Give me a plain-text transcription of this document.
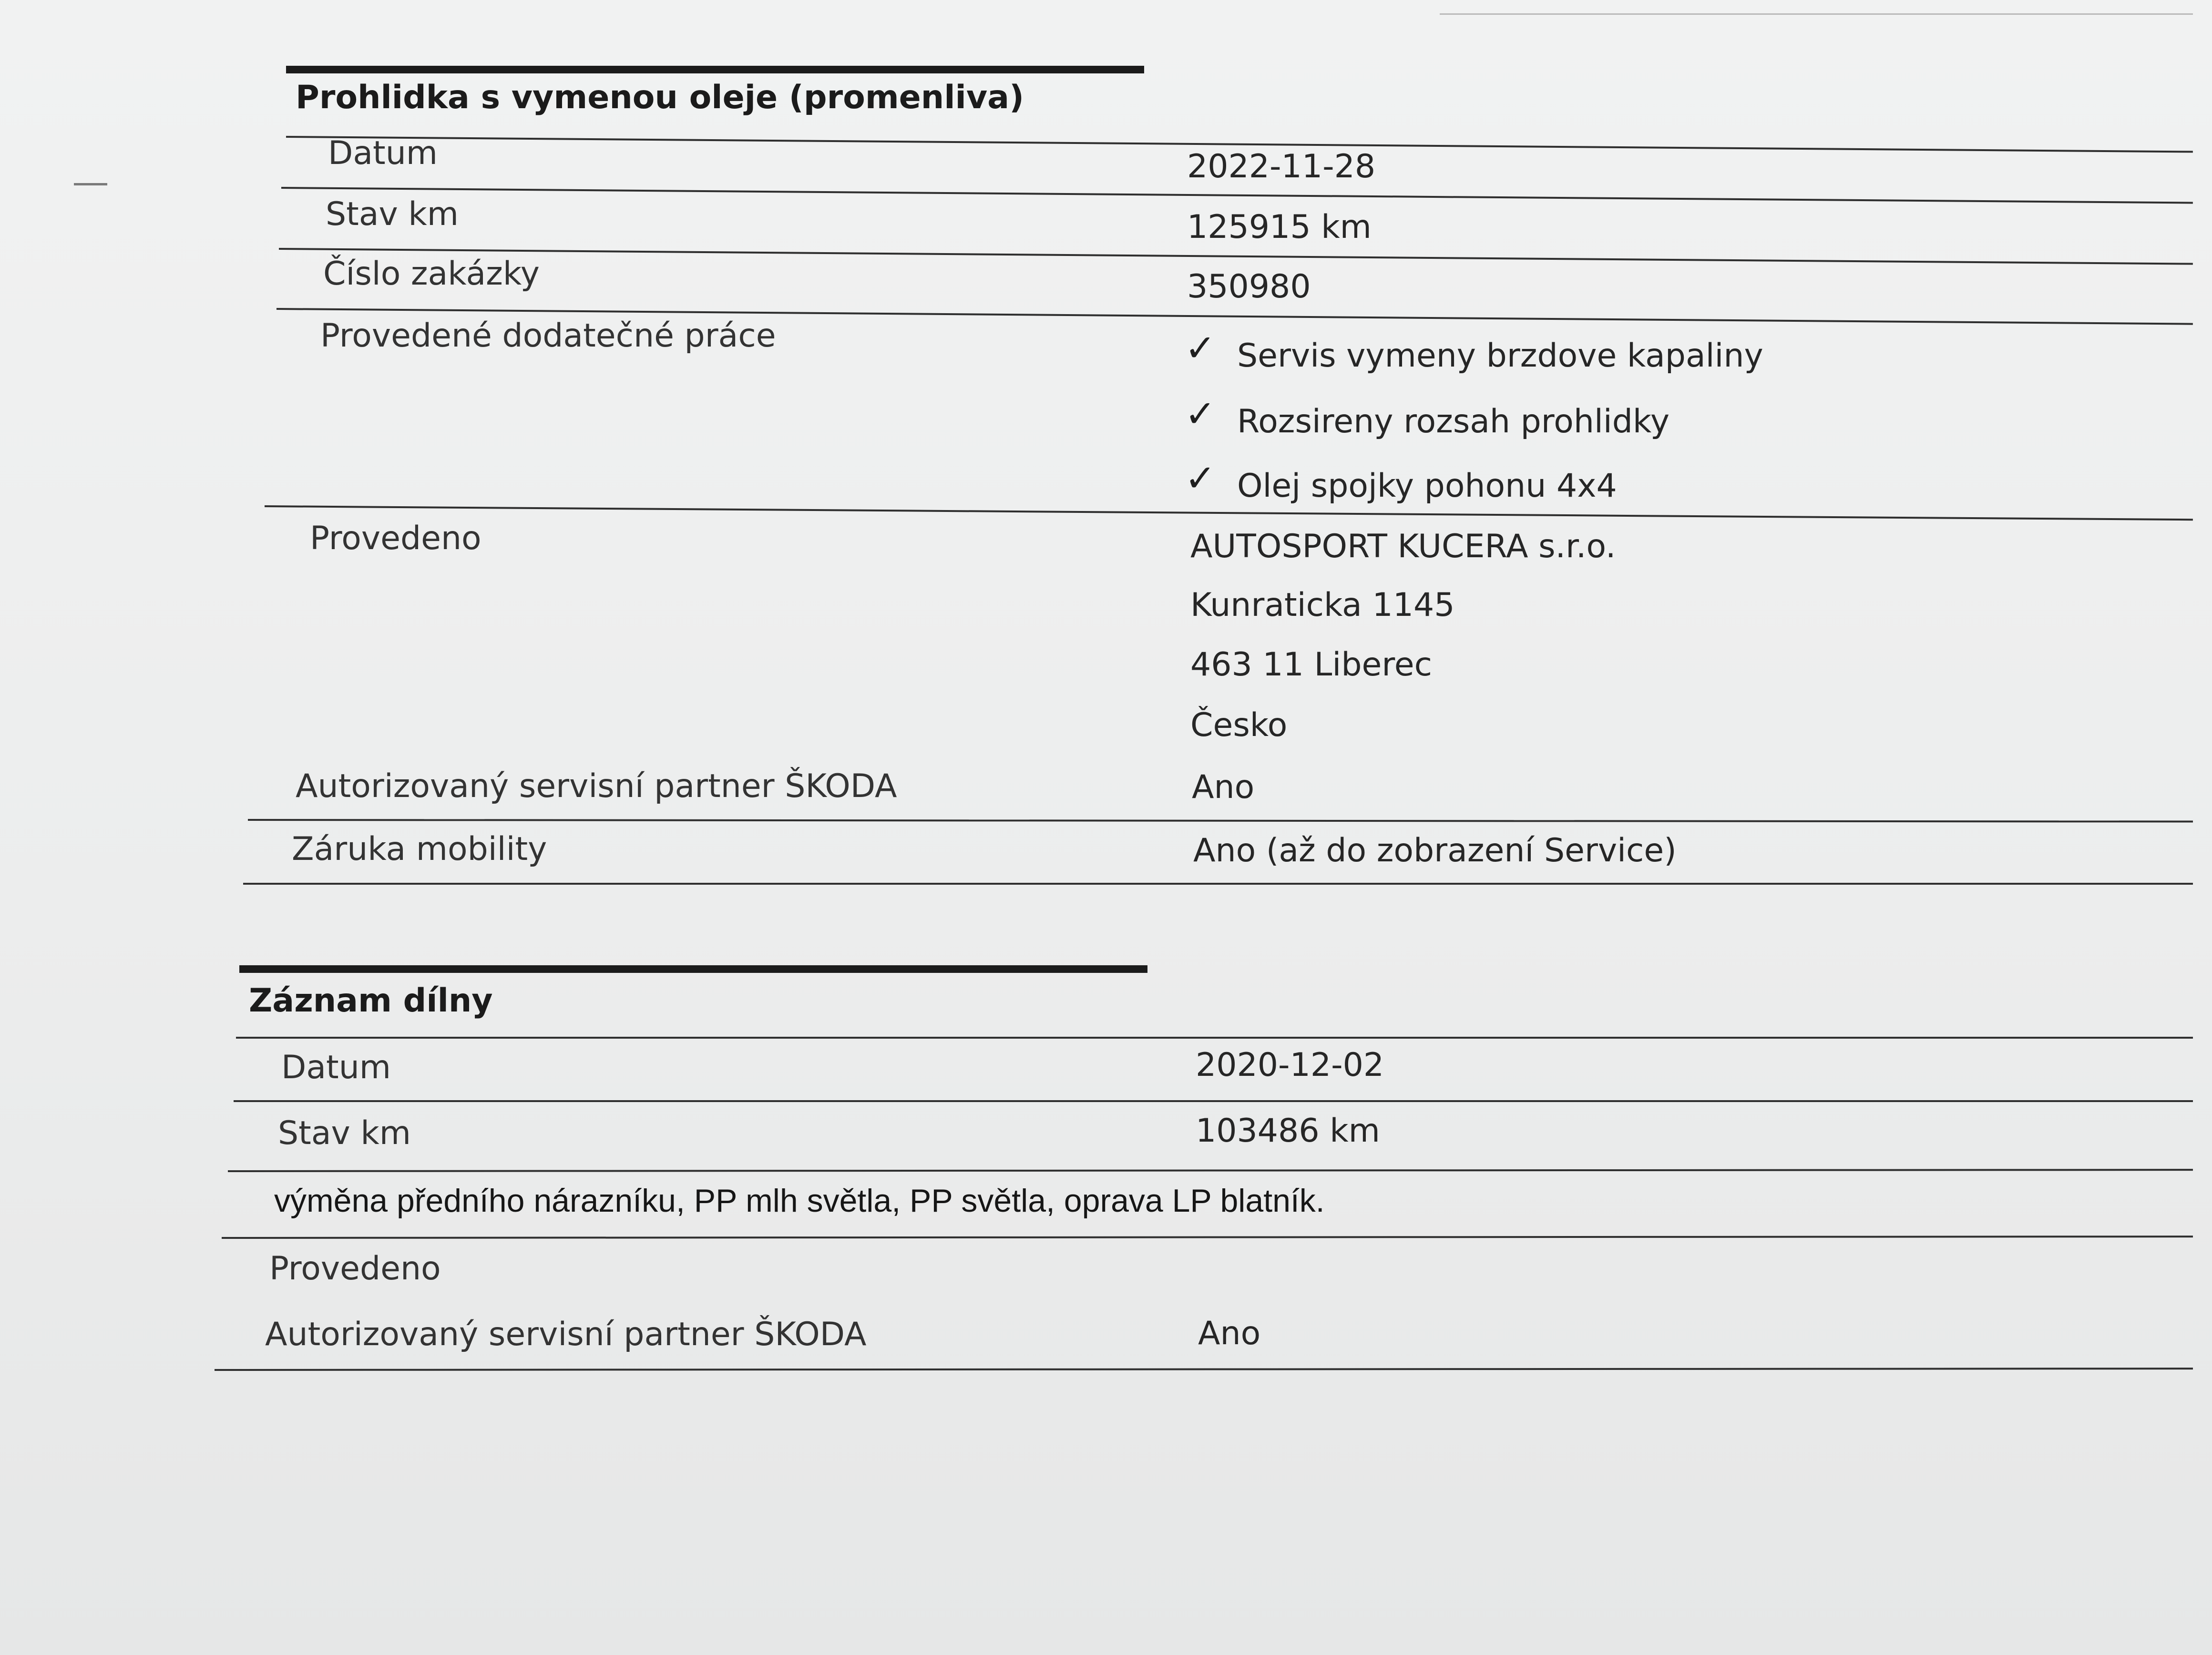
Prohlidka s vymenou oleje (promenliva)
Datum	2022-11-28
Stav km	125915 km
Číslo zakázky	350980
Provedené dodatečné práce	✓ Servis vymeny brzdove kapaliny
✓ Rozsireny rozsah prohlidky
✓ Olej spojky pohonu 4x4
Provedeno	AUTOSPORT KUCERA s.r.o.
Kunraticka 1145
463 11 Liberec
Česko
Autorizovaný servisní partner ŠKODA	Ano
Záruka mobility	Ano (až do zobrazení Service)
Záznam dílny
Datum	2020-12-02
Stav km	103486 km
výměna předního nárazníku, PP mlh světla, PP světla, oprava LP blatník.
Provedeno
Autorizovaný servisní partner ŠKODA	Ano
